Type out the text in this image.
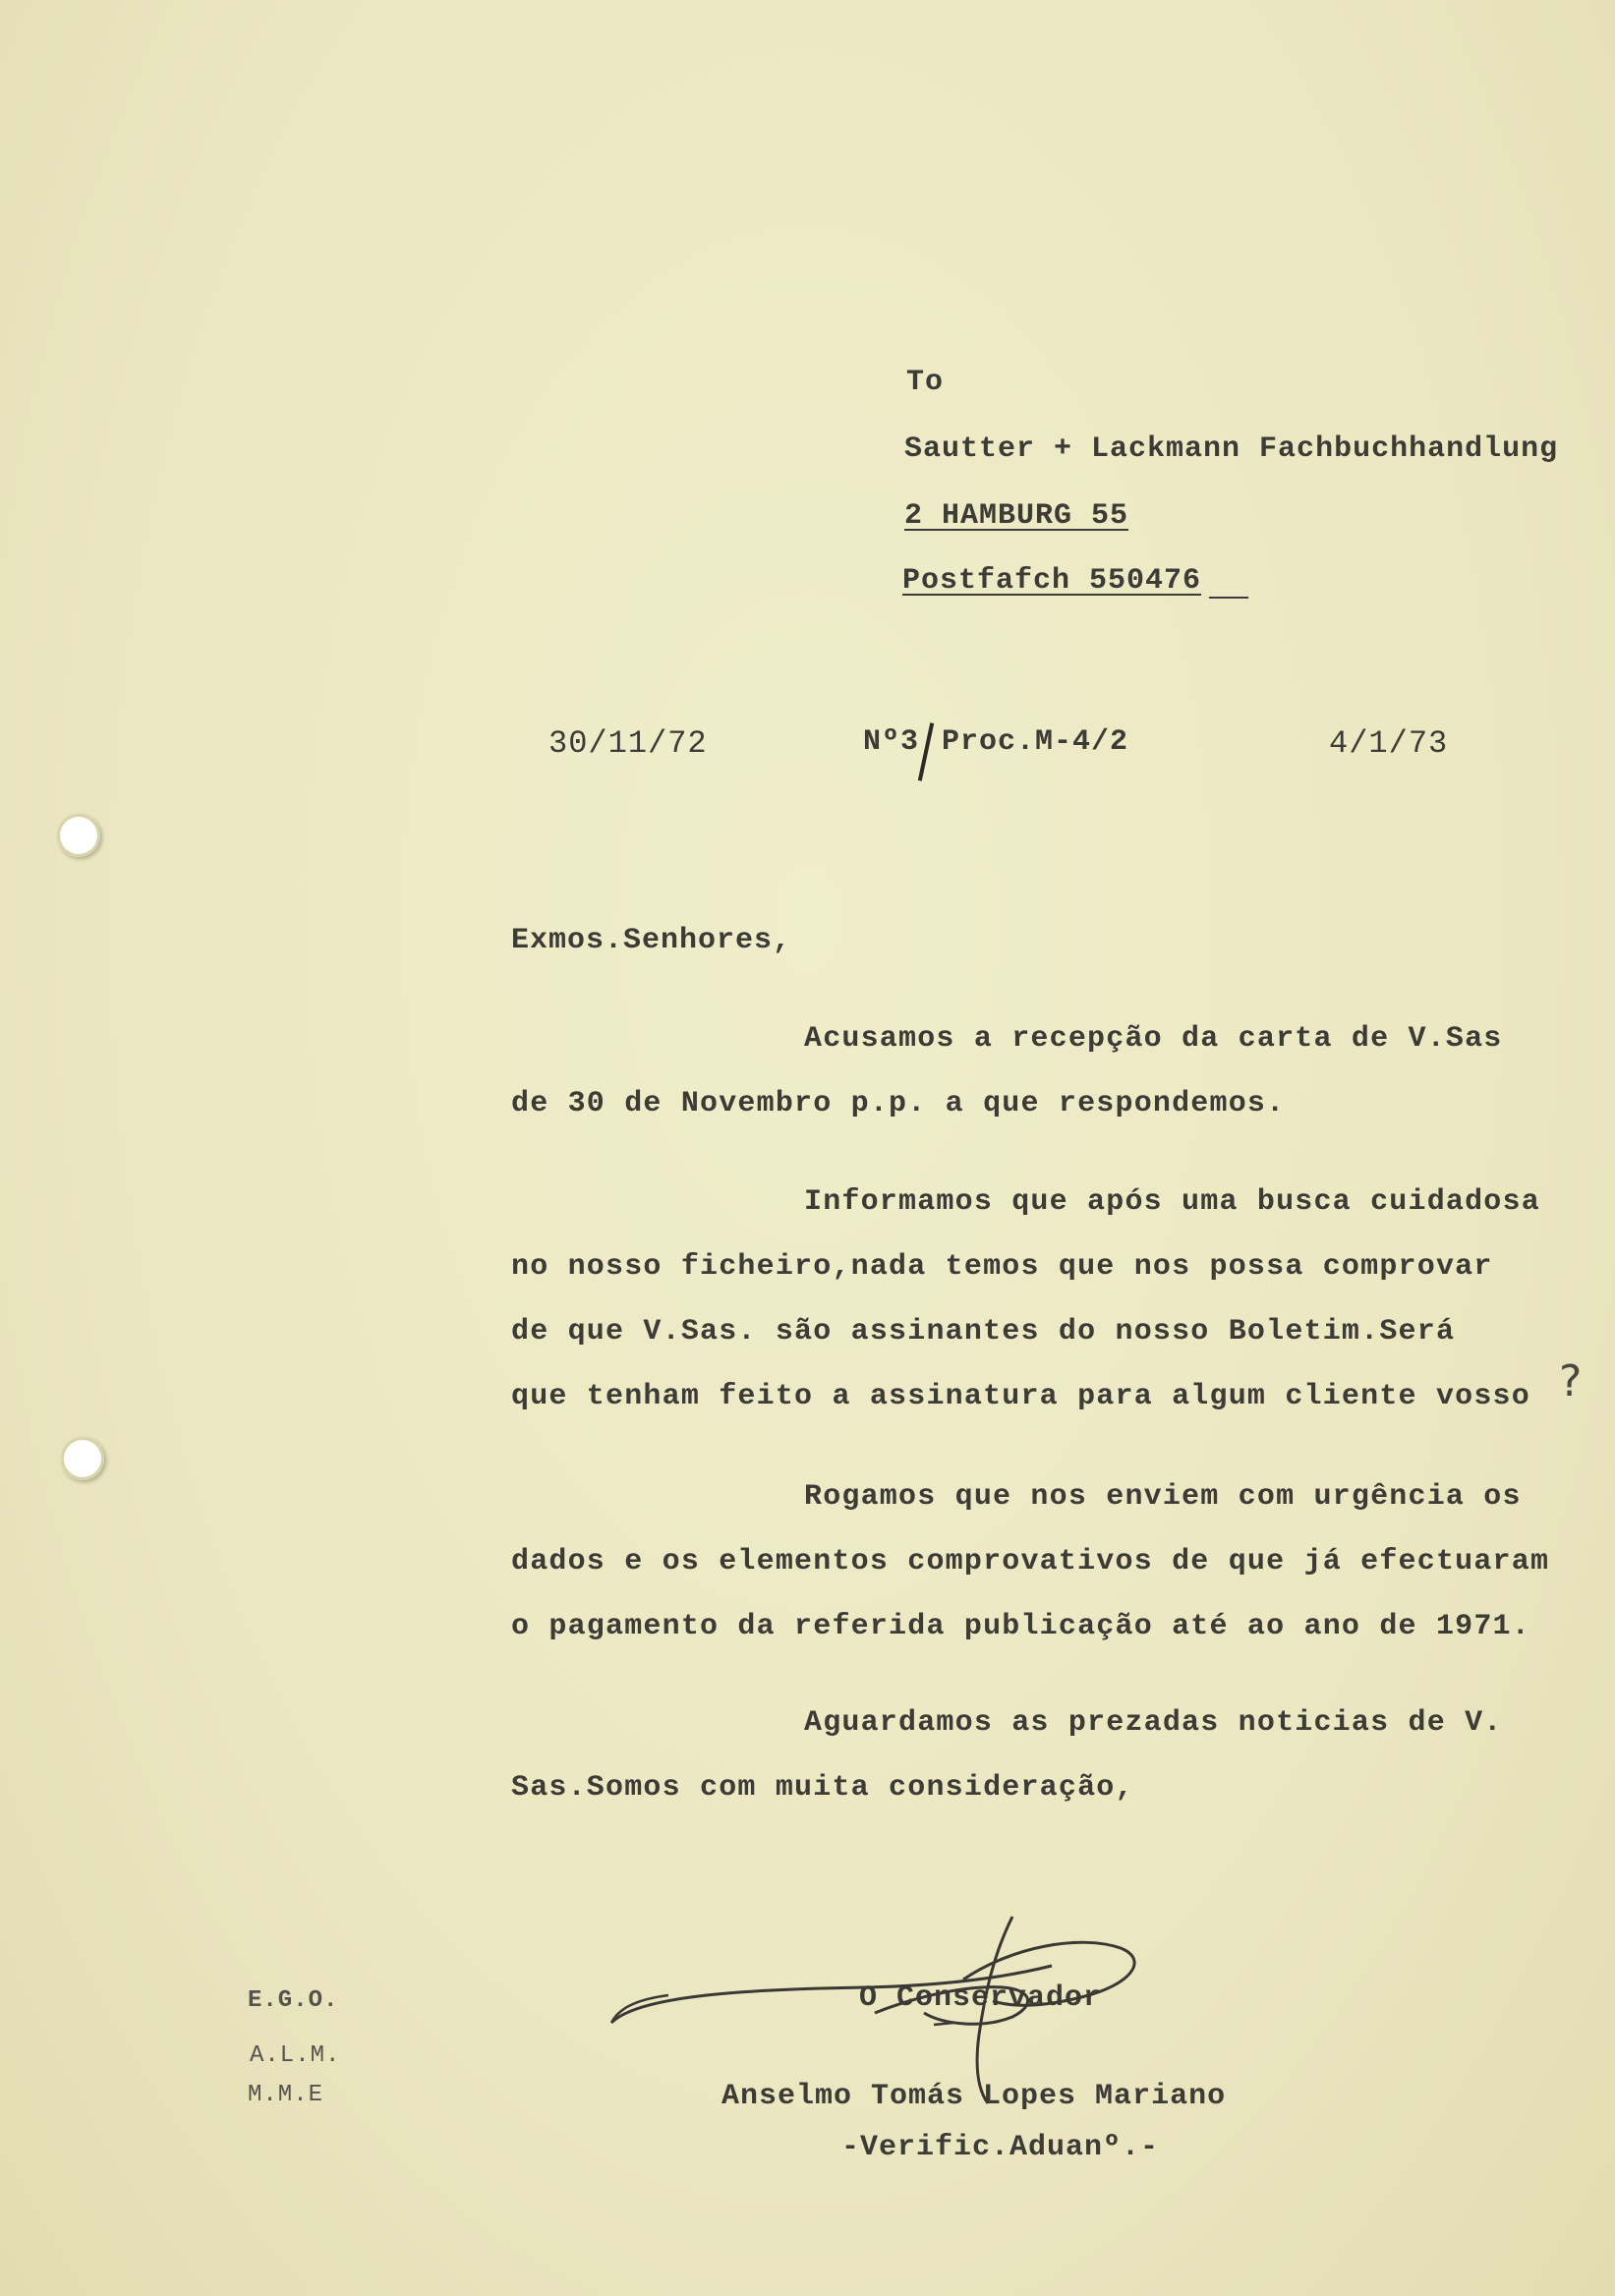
To
Sautter + Lackmann Fachbuchhandlung
2 HAMBURG 55
Postfafch 550476
30/11/72	Nº3 Proc.M-4/2	4/1/73
Exmos.Senhores,
Acusamos a recepção da carta de V.Sas
de 30 de Novembro p.p. a que respondemos.
Informamos que após uma busca cuidadosa
no nosso ficheiro,nada temos que nos possa comprovar
de que V.Sas. são assinantes do nosso Boletim.Será
que tenham feito a assinatura para algum cliente vosso ?
Rogamos que nos enviem com urgência os
dados e os elementos comprovativos de que já efectuaram
o pagamento da referida publicação até ao ano de 1971.
Aguardamos as prezadas noticias de V.
Sas.Somos com muita consideração,
E.G.O.
A.L.M.
M.M.E
O Conservador
Anselmo Tomás Lopes Mariano
-Verific.Aduanº.-
